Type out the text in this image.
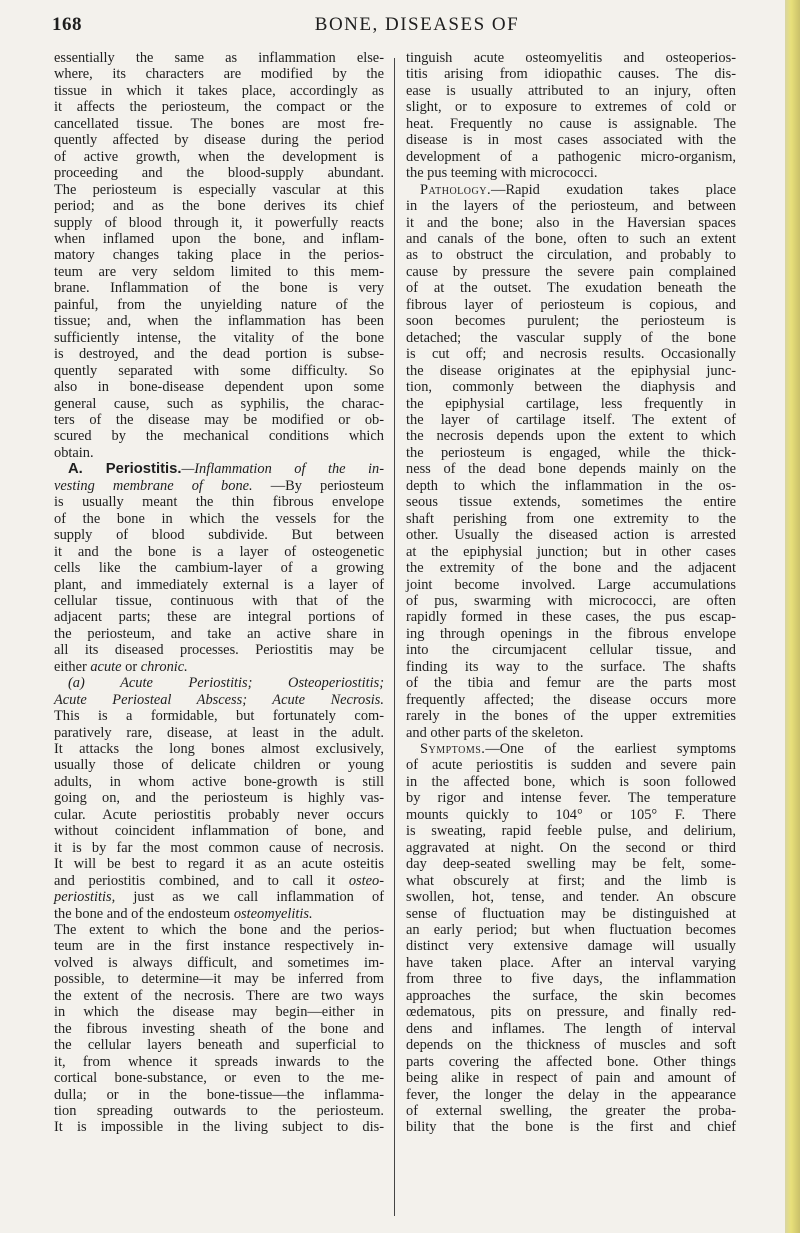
168	BONE, DISEASES OF

essentially the same as inflammation else-
where, its characters are modified by the
tissue in which it takes place, accordingly as
it affects the periosteum, the compact or the
cancellated tissue. The bones are most fre-
quently affected by disease during the period
of active growth, when the development is
proceeding and the blood-supply abundant.
The periosteum is especially vascular at this
period; and as the bone derives its chief
supply of blood through it, it powerfully reacts
when inflamed upon the bone, and inflam-
matory changes taking place in the perios-
teum are very seldom limited to this mem-
brane. Inflammation of the bone is very
painful, from the unyielding nature of the
tissue; and, when the inflammation has been
sufficiently intense, the vitality of the bone
is destroyed, and the dead portion is subse-
quently separated with some difficulty. So
also in bone-disease dependent upon some
general cause, such as syphilis, the charac-
ters of the disease may be modified or ob-
scured by the mechanical conditions which
obtain.

A. Periostitis.—Inflammation of the in-
vesting membrane of bone. —By periosteum
is usually meant the thin fibrous envelope
of the bone in which the vessels for the
supply of blood subdivide. But between
it and the bone is a layer of osteogenetic
cells like the cambium-layer of a growing
plant, and immediately external is a layer of
cellular tissue, continuous with that of the
adjacent parts; these are integral portions of
the periosteum, and take an active share in
all its diseased processes. Periostitis may be
either acute or chronic.

(a) Acute Periostitis; Osteoperiostitis;
Acute Periosteal Abscess; Acute Necrosis.
This is a formidable, but fortunately com-
paratively rare, disease, at least in the adult.
It attacks the long bones almost exclusively,
usually those of delicate children or young
adults, in whom active bone-growth is still
going on, and the periosteum is highly vas-
cular. Acute periostitis probably never occurs
without coincident inflammation of bone, and
it is by far the most common cause of necrosis.
It will be best to regard it as an acute osteitis
and periostitis combined, and to call it osteo-
periostitis, just as we call inflammation of
the bone and of the endosteum osteomyelitis.
The extent to which the bone and the perios-
teum are in the first instance respectively in-
volved is always difficult, and sometimes im-
possible, to determine—it may be inferred from
the extent of the necrosis. There are two ways
in which the disease may begin—either in
the fibrous investing sheath of the bone and
the cellular layers beneath and superficial to
it, from whence it spreads inwards to the
cortical bone-substance, or even to the me-
dulla; or in the bone-tissue—the inflamma-
tion spreading outwards to the periosteum.
It is impossible in the living subject to dis-

tinguish acute osteomyelitis and osteoperios-
titis arising from idiopathic causes. The dis-
ease is usually attributed to an injury, often
slight, or to exposure to extremes of cold or
heat. Frequently no cause is assignable. The
disease is in most cases associated with the
development of a pathogenic micro-organism,
the pus teeming with micrococci.

Pathology.—Rapid exudation takes place
in the layers of the periosteum, and between
it and the bone; also in the Haversian spaces
and canals of the bone, often to such an extent
as to obstruct the circulation, and probably to
cause by pressure the severe pain complained
of at the outset. The exudation beneath the
fibrous layer of periosteum is copious, and
soon becomes purulent; the periosteum is
detached; the vascular supply of the bone
is cut off; and necrosis results. Occasionally
the disease originates at the epiphysial junc-
tion, commonly between the diaphysis and
the epiphysial cartilage, less frequently in
the layer of cartilage itself. The extent of
the necrosis depends upon the extent to which
the periosteum is engaged, while the thick-
ness of the dead bone depends mainly on the
depth to which the inflammation in the os-
seous tissue extends, sometimes the entire
shaft perishing from one extremity to the
other. Usually the diseased action is arrested
at the epiphysial junction; but in other cases
the extremity of the bone and the adjacent
joint become involved. Large accumulations
of pus, swarming with micrococci, are often
rapidly formed in these cases, the pus escap-
ing through openings in the fibrous envelope
into the circumjacent cellular tissue, and
finding its way to the surface. The shafts
of the tibia and femur are the parts most
frequently affected; the disease occurs more
rarely in the bones of the upper extremities
and other parts of the skeleton.

Symptoms.—One of the earliest symptoms
of acute periostitis is sudden and severe pain
in the affected bone, which is soon followed
by rigor and intense fever. The temperature
mounts quickly to 104° or 105° F. There
is sweating, rapid feeble pulse, and delirium,
aggravated at night. On the second or third
day deep-seated swelling may be felt, some-
what obscurely at first; and the limb is
swollen, hot, tense, and tender. An obscure
sense of fluctuation may be distinguished at
an early period; but when fluctuation becomes
distinct very extensive damage will usually
have taken place. After an interval varying
from three to five days, the inflammation
approaches the surface, the skin becomes
œdematous, pits on pressure, and finally red-
dens and inflames. The length of interval
depends on the thickness of muscles and soft
parts covering the affected bone. Other things
being alike in respect of pain and amount of
fever, the longer the delay in the appearance
of external swelling, the greater the proba-
bility that the bone is the first and chief
